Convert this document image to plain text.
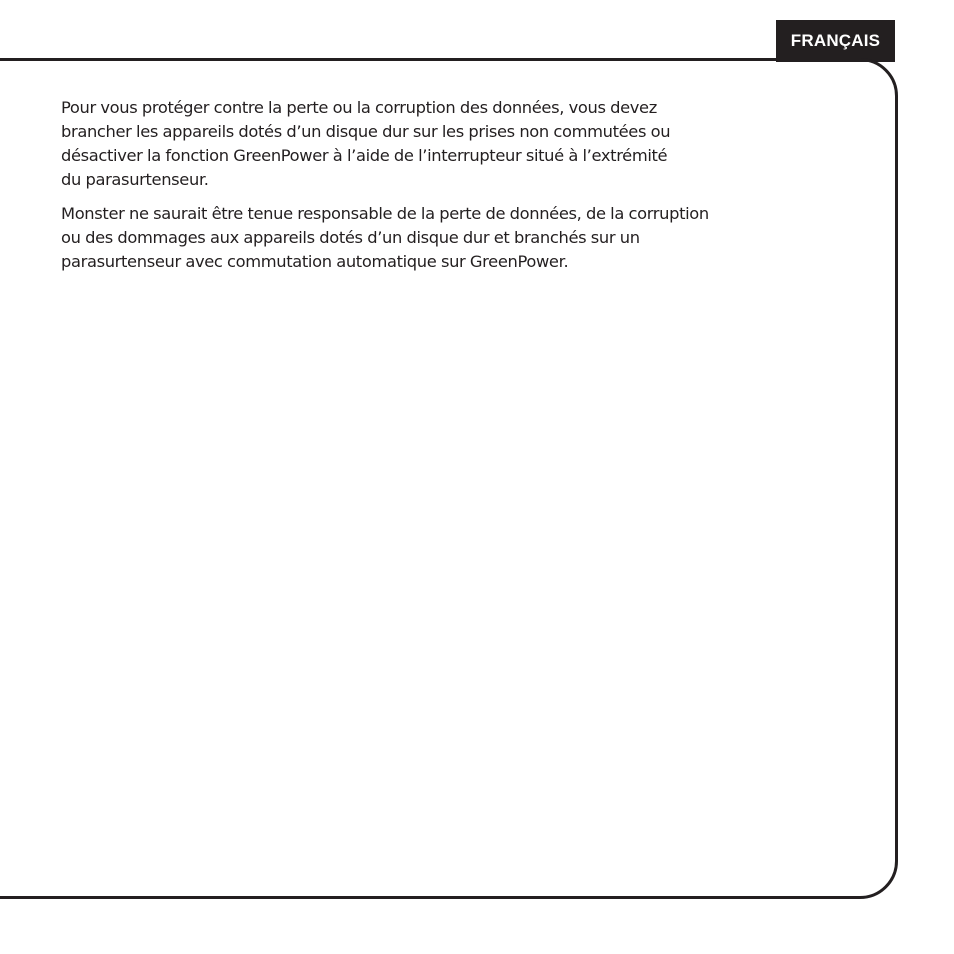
FRANÇAIS

Pour vous protéger contre la perte ou la corruption des données, vous devez
brancher les appareils dotés d’un disque dur sur les prises non commutées ou
désactiver la fonction GreenPower à l’aide de l’interrupteur situé à l’extrémité
du parasurtenseur.

Monster ne saurait être tenue responsable de la perte de données, de la corruption
ou des dommages aux appareils dotés d’un disque dur et branchés sur un
parasurtenseur avec commutation automatique sur GreenPower.
